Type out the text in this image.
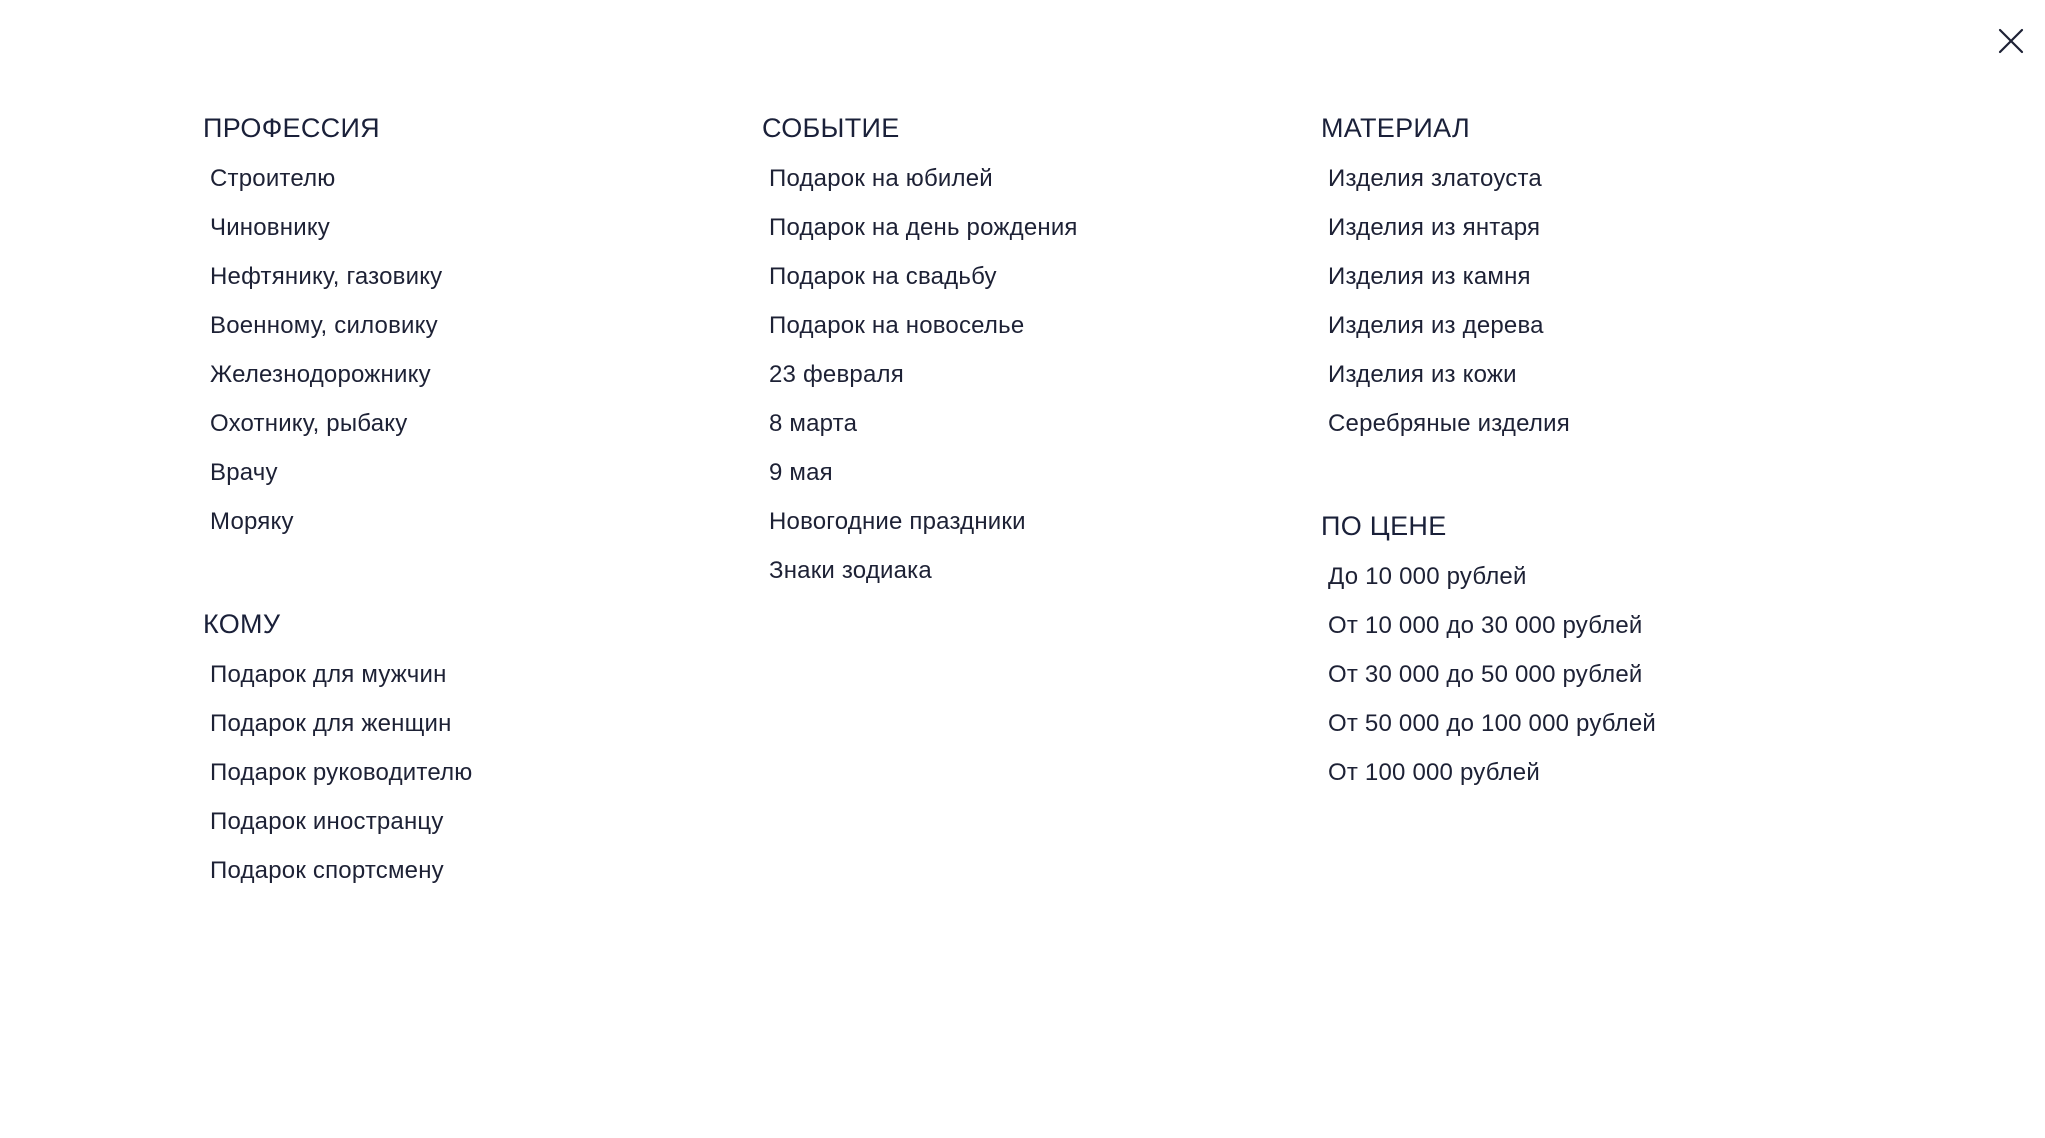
ПРОФЕССИЯ
Строителю
Чиновнику
Нефтянику, газовику
Военному, силовику
Железнодорожнику
Охотнику, рыбаку
Врачу
Моряку
КОМУ
Подарок для мужчин
Подарок для женщин
Подарок руководителю
Подарок иностранцу
Подарок спортсмену
СОБЫТИЕ
Подарок на юбилей
Подарок на день рождения
Подарок на свадьбу
Подарок на новоселье
23 февраля
8 марта
9 мая
Новогодние праздники
Знаки зодиака
МАТЕРИАЛ
Изделия златоуста
Изделия из янтаря
Изделия из камня
Изделия из дерева
Изделия из кожи
Серебряные изделия
ПО ЦЕНЕ
До 10 000 рублей
От 10 000 до 30 000 рублей
От 30 000 до 50 000 рублей
От 50 000 до 100 000 рублей
От 100 000 рублей
